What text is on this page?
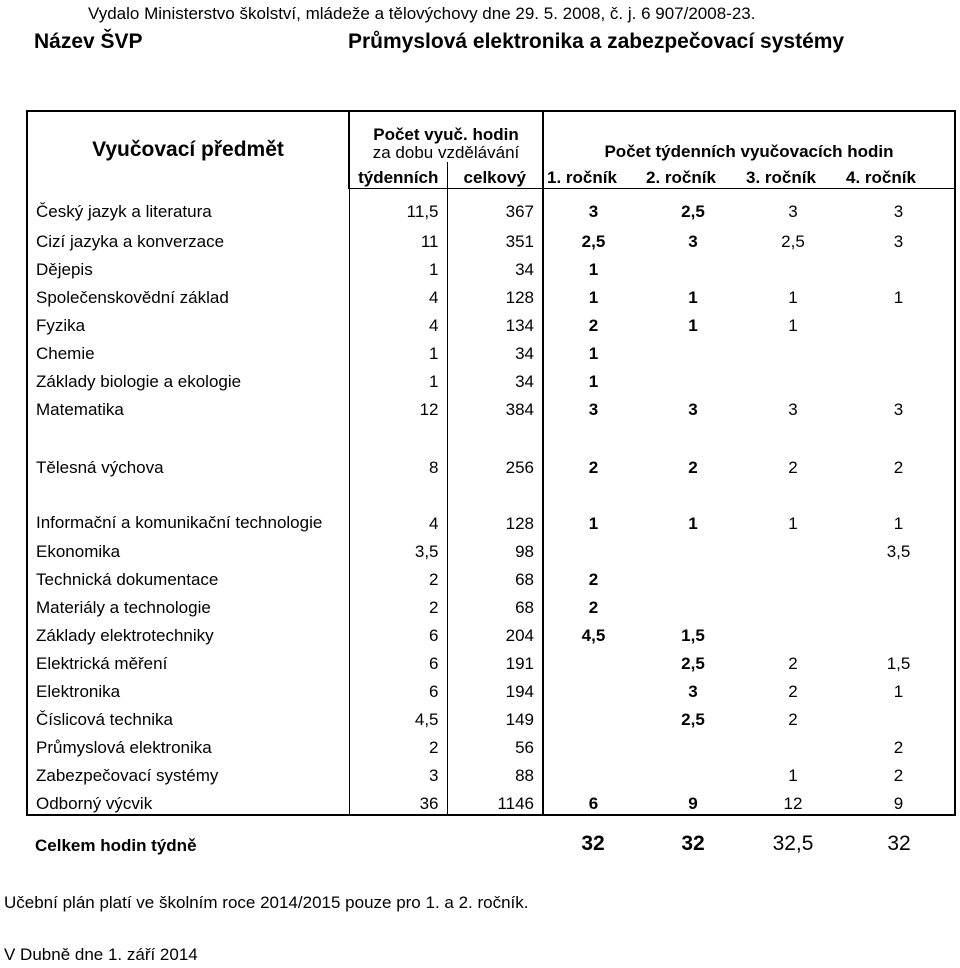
Vydalo Ministerstvo školství, mládeže a tělovýchovy dne 29. 5. 2008, č. j. 6 907/2008-23.
Název ŠVP	Průmyslová elektronika a zabezpečovací systémy
Vyučovací předmět	Počet vyuč. hodin
za dobu vzdělávání		Počet týdenních vyučovacích hodin			
	týdenních	celkový	1. ročník	2. ročník	3. ročník	4. ročník
Český jazyk a literatura	11,5	367	3	2,5	3	3
Cizí jazyka a konverzace	11	351	2,5	3	2,5	3
Dějepis	1	34	1			
Společenskovědní základ	4	128	1	1	1	1
Fyzika	4	134	2	1	1	
Chemie	1	34	1			
Základy biologie a ekologie	1	34	1			
Matematika	12	384	3	3	3	3
Tělesná výchova	8	256	2	2	2	2
Informační a komunikační technologie	4	128	1	1	1	1
Ekonomika	3,5	98				3,5
Technická dokumentace	2	68	2			
Materiály a technologie	2	68	2			
Základy elektrotechniky	6	204	4,5	1,5		
Elektrická měření	6	191		2,5	2	1,5
Elektronika	6	194		3	2	1
Číslicová technika	4,5	149		2,5	2	
Průmyslová elektronika	2	56				2
Zabezpečovací systémy	3	88			1	2
Odborný výcvik	36	1146	6	9	12	9
Celkem hodin týdně			32	32	32,5	32
Učební plán platí ve školním roce 2014/2015 pouze pro 1. a 2. ročník.
V Dubně dne 1. září 2014
